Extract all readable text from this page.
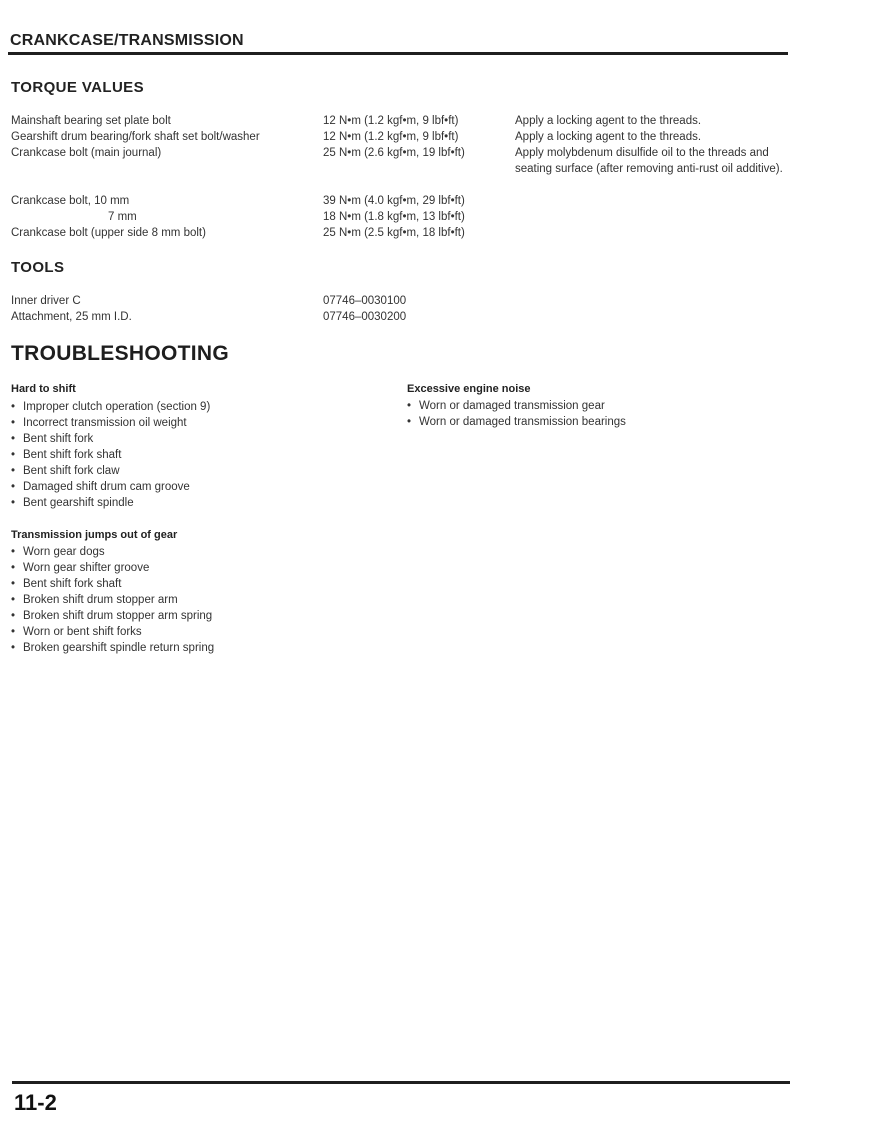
CRANKCASE/TRANSMISSION
TORQUE VALUES
Mainshaft bearing set plate bolt	12 N•m (1.2 kgf•m, 9 lbf•ft)	Apply a locking agent to the threads.
Gearshift drum bearing/fork shaft set bolt/washer	12 N•m (1.2 kgf•m, 9 lbf•ft)	Apply a locking agent to the threads.
Crankcase bolt (main journal)	25 N•m (2.6 kgf•m, 19 lbf•ft)	Apply molybdenum disulfide oil to the threads and seating surface (after removing anti-rust oil additive).
Crankcase bolt, 10 mm	39 N•m (4.0 kgf•m, 29 lbf•ft)
7 mm	18 N•m (1.8 kgf•m, 13 lbf•ft)
Crankcase bolt (upper side 8 mm bolt)	25 N•m (2.5 kgf•m, 18 lbf•ft)
TOOLS
Inner driver C	07746–0030100
Attachment, 25 mm I.D.	07746–0030200
TROUBLESHOOTING
Hard to shift
• Improper clutch operation (section 9)
• Incorrect transmission oil weight
• Bent shift fork
• Bent shift fork shaft
• Bent shift fork claw
• Damaged shift drum cam groove
• Bent gearshift spindle
Transmission jumps out of gear
• Worn gear dogs
• Worn gear shifter groove
• Bent shift fork shaft
• Broken shift drum stopper arm
• Broken shift drum stopper arm spring
• Worn or bent shift forks
• Broken gearshift spindle return spring
Excessive engine noise
• Worn or damaged transmission gear
• Worn or damaged transmission bearings
11-2
